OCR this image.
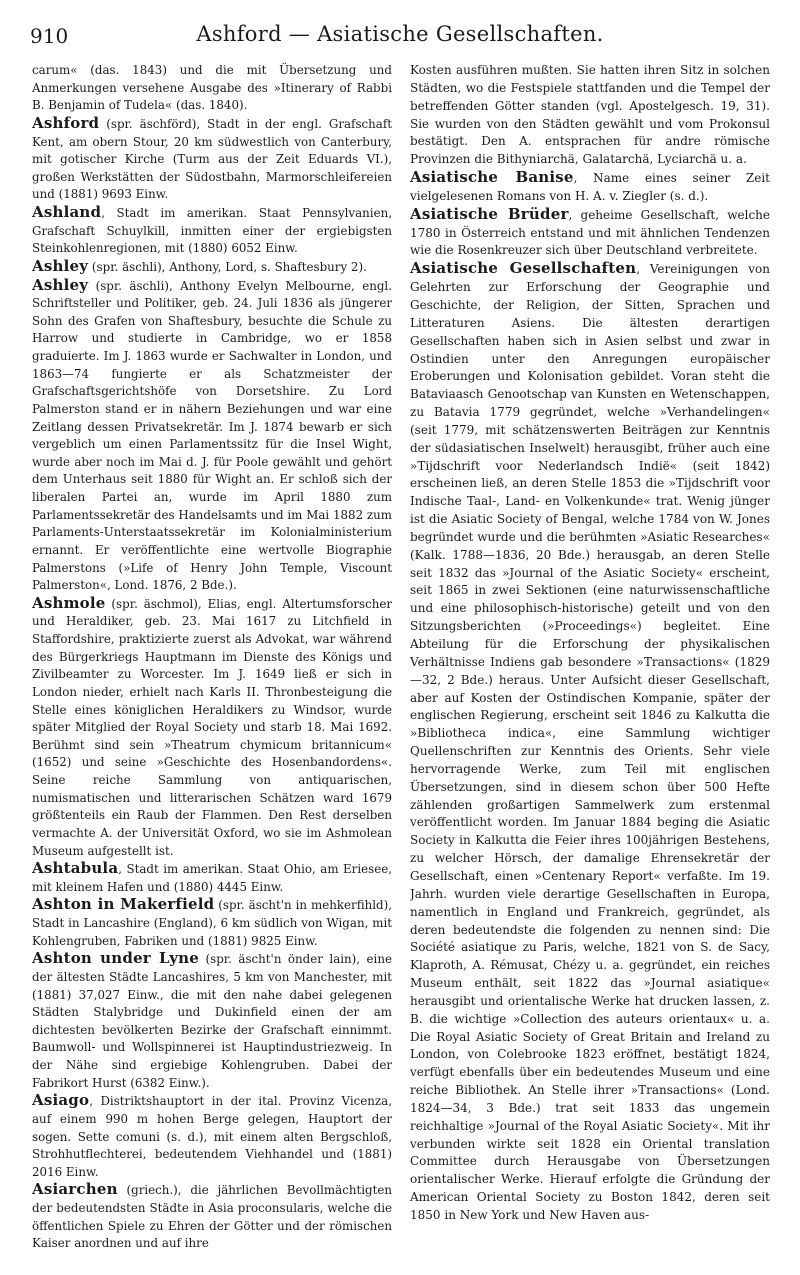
910	Ashford — Asiatische Gesellschaften.

carum« (das. 1843) und die mit Übersetzung und Anmerkungen versehene Ausgabe des »Itinerary of Rabbi B. Benjamin of Tudela« (das. 1840).

Ashford (spr. äschförd), Stadt in der engl. Grafschaft Kent, am obern Stour, 20 km südwestlich von Canterbury, mit gotischer Kirche (Turm aus der Zeit Eduards VI.), großen Werkstätten der Südostbahn, Marmorschleifereien und (1881) 9693 Einw.

Ashland, Stadt im amerikan. Staat Pennsylvanien, Grafschaft Schuylkill, inmitten einer der ergiebigsten Steinkohlenregionen, mit (1880) 6052 Einw.

Ashley (spr. äschli), Anthony, Lord, s. Shaftesbury 2).

Ashley (spr. äschli), Anthony Evelyn Melbourne, engl. Schriftsteller und Politiker, geb. 24. Juli 1836 als jüngerer Sohn des Grafen von Shaftesbury, besuchte die Schule zu Harrow und studierte in Cambridge, wo er 1858 graduierte. Im J. 1863 wurde er Sachwalter in London, und 1863—74 fungierte er als Schatzmeister der Grafschaftsgerichtshöfe von Dorsetshire. Zu Lord Palmerston stand er in nähern Beziehungen und war eine Zeitlang dessen Privatsekretär. Im J. 1874 bewarb er sich vergeblich um einen Parlamentssitz für die Insel Wight, wurde aber noch im Mai d. J. für Poole gewählt und gehört dem Unterhaus seit 1880 für Wight an. Er schloß sich der liberalen Partei an, wurde im April 1880 zum Parlamentssekretär des Handelsamts und im Mai 1882 zum Parlaments-Unterstaatssekretär im Kolonialministerium ernannt. Er veröffentlichte eine wertvolle Biographie Palmerstons (»Life of Henry John Temple, Viscount Palmerston«, Lond. 1876, 2 Bde.).

Ashmole (spr. äschmol), Elias, engl. Altertumsforscher und Heraldiker, geb. 23. Mai 1617 zu Litchfield in Staffordshire, praktizierte zuerst als Advokat, war während des Bürgerkriegs Hauptmann im Dienste des Königs und Zivilbeamter zu Worcester. Im J. 1649 ließ er sich in London nieder, erhielt nach Karls II. Thronbesteigung die Stelle eines königlichen Heraldikers zu Windsor, wurde später Mitglied der Royal Society und starb 18. Mai 1692. Berühmt sind sein »Theatrum chymicum britannicum« (1652) und seine »Geschichte des Hosenbandordens«. Seine reiche Sammlung von antiquarischen, numismatischen und litterarischen Schätzen ward 1679 größtenteils ein Raub der Flammen. Den Rest derselben vermachte A. der Universität Oxford, wo sie im Ashmolean Museum aufgestellt ist.

Ashtabula, Stadt im amerikan. Staat Ohio, am Eriesee, mit kleinem Hafen und (1880) 4445 Einw.

Ashton in Makerfield (spr. äscht'n in mehkerfihld), Stadt in Lancashire (England), 6 km südlich von Wigan, mit Kohlengruben, Fabriken und (1881) 9825 Einw.

Ashton under Lyne (spr. äscht'n önder lain), eine der ältesten Städte Lancashires, 5 km von Manchester, mit (1881) 37,027 Einw., die mit den nahe dabei gelegenen Städten Stalybridge und Dukinfield einen der am dichtesten bevölkerten Bezirke der Grafschaft einnimmt. Baumwoll- und Wollspinnerei ist Hauptindustriezweig. In der Nähe sind ergiebige Kohlengruben. Dabei der Fabrikort Hurst (6382 Einw.).

Asiago, Distriktshauptort in der ital. Provinz Vicenza, auf einem 990 m hohen Berge gelegen, Hauptort der sogen. Sette comuni (s. d.), mit einem alten Bergschloß, Strohhutflechterei, bedeutendem Viehhandel und (1881) 2016 Einw.

Asiarchen (griech.), die jährlichen Bevollmächtigten der bedeutendsten Städte in Asia proconsularis, welche die öffentlichen Spiele zu Ehren der Götter und der römischen Kaiser anordnen und auf ihre

Kosten ausführen mußten. Sie hatten ihren Sitz in solchen Städten, wo die Festspiele stattfanden und die Tempel der betreffenden Götter standen (vgl. Apostelgesch. 19, 31). Sie wurden von den Städten gewählt und vom Prokonsul bestätigt. Den A. entsprachen für andre römische Provinzen die Bithyniarchä, Galatarchä, Lyciarchä u. a.

Asiatische Banise, Name eines seiner Zeit vielgelesenen Romans von H. A. v. Ziegler (s. d.).

Asiatische Brüder, geheime Gesellschaft, welche 1780 in Österreich entstand und mit ähnlichen Tendenzen wie die Rosenkreuzer sich über Deutschland verbreitete.

Asiatische Gesellschaften, Vereinigungen von Gelehrten zur Erforschung der Geographie und Geschichte, der Religion, der Sitten, Sprachen und Litteraturen Asiens. Die ältesten derartigen Gesellschaften haben sich in Asien selbst und zwar in Ostindien unter den Anregungen europäischer Eroberungen und Kolonisation gebildet. Voran steht die Bataviaasch Genootschap van Kunsten en Wetenschappen, zu Batavia 1779 gegründet, welche »Verhandelingen« (seit 1779, mit schätzenswerten Beiträgen zur Kenntnis der südasiatischen Inselwelt) herausgibt, früher auch eine »Tijdschrift voor Nederlandsch Indië« (seit 1842) erscheinen ließ, an deren Stelle 1853 die »Tijdschrift voor Indische Taal-, Land- en Volkenkunde« trat. Wenig jünger ist die Asiatic Society of Bengal, welche 1784 von W. Jones begründet wurde und die berühmten »Asiatic Researches« (Kalk. 1788—1836, 20 Bde.) herausgab, an deren Stelle seit 1832 das »Journal of the Asiatic Society« erscheint, seit 1865 in zwei Sektionen (eine naturwissenschaftliche und eine philosophisch-historische) geteilt und von den Sitzungsberichten (»Proceedings«) begleitet. Eine Abteilung für die Erforschung der physikalischen Verhältnisse Indiens gab besondere »Transactions« (1829—32, 2 Bde.) heraus. Unter Aufsicht dieser Gesellschaft, aber auf Kosten der Ostindischen Kompanie, später der englischen Regierung, erscheint seit 1846 zu Kalkutta die »Bibliotheca indica«, eine Sammlung wichtiger Quellenschriften zur Kenntnis des Orients. Sehr viele hervorragende Werke, zum Teil mit englischen Übersetzungen, sind in diesem schon über 500 Hefte zählenden großartigen Sammelwerk zum erstenmal veröffentlicht worden. Im Januar 1884 beging die Asiatic Society in Kalkutta die Feier ihres 100jährigen Bestehens, zu welcher Hörsch, der damalige Ehrensekretär der Gesellschaft, einen »Centenary Report« verfaßte. Im 19. Jahrh. wurden viele derartige Gesellschaften in Europa, namentlich in England und Frankreich, gegründet, als deren bedeutendste die folgenden zu nennen sind: Die Société asiatique zu Paris, welche, 1821 von S. de Sacy, Klaproth, A. Rémusat, Chézy u. a. gegründet, ein reiches Museum enthält, seit 1822 das »Journal asiatique« herausgibt und orientalische Werke hat drucken lassen, z. B. die wichtige »Collection des auteurs orientaux« u. a. Die Royal Asiatic Society of Great Britain and Ireland zu London, von Colebrooke 1823 eröffnet, bestätigt 1824, verfügt ebenfalls über ein bedeutendes Museum und eine reiche Bibliothek. An Stelle ihrer »Transactions« (Lond. 1824—34, 3 Bde.) trat seit 1833 das ungemein reichhaltige »Journal of the Royal Asiatic Society«. Mit ihr verbunden wirkte seit 1828 ein Oriental translation Committee durch Herausgabe von Übersetzungen orientalischer Werke. Hierauf erfolgte die Gründung der American Oriental Society zu Boston 1842, deren seit 1850 in New York und New Haven aus-
